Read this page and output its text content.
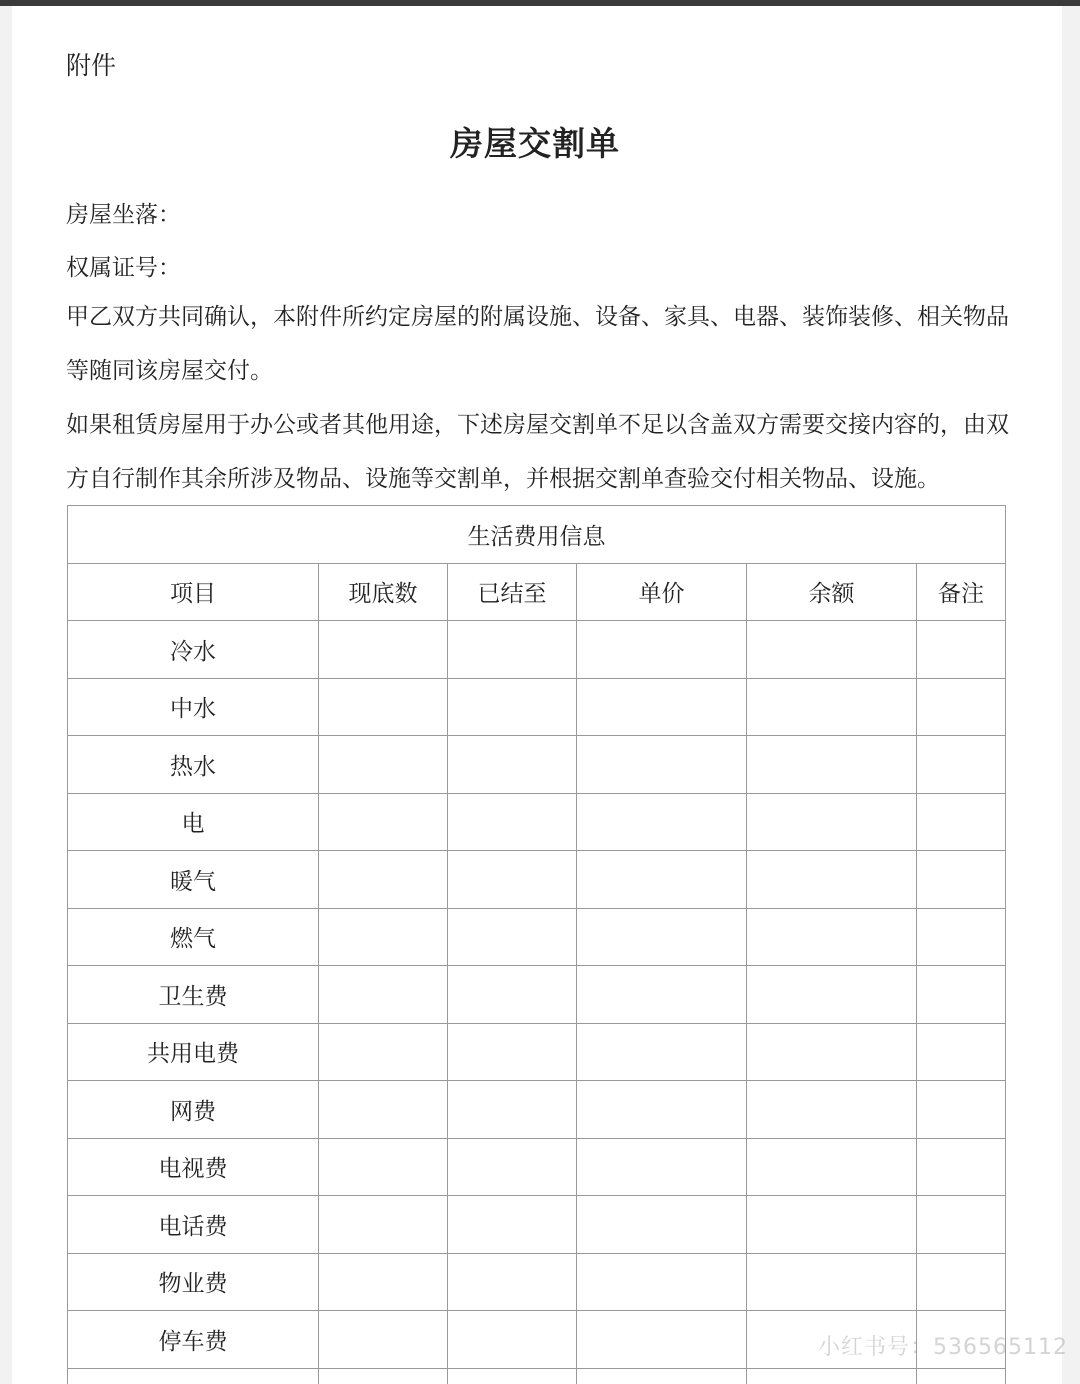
附件
房屋交割单
房屋坐落：
权属证号：
甲乙双方共同确认，本附件所约定房屋的附属设施、设备、家具、电器、装饰装修、相关物品等随同该房屋交付。
如果租赁房屋用于办公或者其他用途，下述房屋交割单不足以含盖双方需要交接内容的，由双方自行制作其余所涉及物品、设施等交割单，并根据交割单查验交付相关物品、设施。
生活费用信息					
项目	现底数	已结至	单价	余额	备注
冷水					
中水					
热水					
电					
暖气					
燃气					
卫生费					
共用电费					
网费					
电视费					
电话费					
物业费					
停车费					
						小红书号：536565112
